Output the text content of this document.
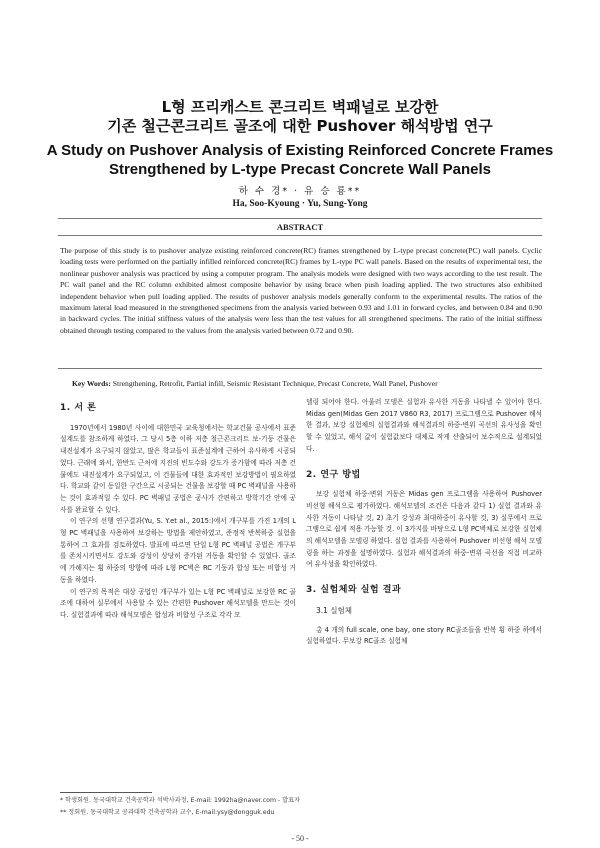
L형 프리캐스트 콘크리트 벽패널로 보강한
기존 철근콘크리트 골조에 대한 Pushover 해석방법 연구
A Study on Pushover Analysis of Existing Reinforced Concrete Frames
Strengthened by L-type Precast Concrete Wall Panels
하 수 경* · 유 승 룡**
Ha, Soo-Kyoung · Yu, Sung-Yong
ABSTRACT

The purpose of this study is to pushover analyze existing reinforced concrete(RC) frames strengthened by L-type precast concrete(PC) wall panels. Cyclic loading tests were performed on the partially infilled reinforced concrete(RC) frames by L-type PC wall panels. Based on the results of experimental test, the nonlinear pushover analysis was practiced by using a computer program. The analysis models were designed with two ways according to the test result. The PC wall panel and the RC column exhibited almost composite behavior by using brace when push loading applied. The two structures also exhibited independent behavior when pull loading applied. The results of pushover analysis models generally conform to the experimental results. The ratios of the maximum lateral load measured in the strengthened specimens from the analysis varied between 0.93 and 1.01 in forward cycles, and between 0.84 and 0.90 in backward cycles. The initial stiffness values of the analysis were less than the test values for all strengthened specimens. The ratio of the initial stiffness obtained through testing compared to the values from the analysis varied between 0.72 and 0.90.

Key Words: Strengthening, Retrofit, Partial infill, Seismic Resistant Technique, Precast Concrete, Wall Panel, Pushover
1. 서 론

1970년에서 1980년 사이에 대한민국 교육청에서는 학교건물 공사에서 표준설계도를 참조하게 하였다. 그 당시 5층 이하 저층 철근콘크리트 보-기둥 건물은 내진설계가 요구되지 않았고, 많은 학교들이 표준설계에 근하여 유사하게 시공되었다. 근래에 와서, 한반도 근처에 지진의 빈도수와 강도가 증가함에 따라 저층 건물에도 내진설계가 요구되었고, 이 건물들에 대한 효과적인 보강방법이 필요하였다. 학교와 같이 동일한 구간으로 시공되는 건물을 보강할 때 PC 벽패널을 사용하는 것이 효과적일 수 있다. PC 벽패널 공법은 공사가 간편하고 방학기간 안에 공사를 완료할 수 있다.

이 연구의 선행 연구결과(Yu, S. Y.et al., 2015:)에서 개구부를 가진 1개의 L형 PC 벽패널을 사용하여 보강하는 방법을 제안하였고, 준정적 반복하중 실험을 통하여 그 효과를 검토하였다. 발표에 따르면 단일 L형 PC 벽패널 공법은 개구부를 존치시키면서도 강도와 강성이 상당히 증가된 거동을 확인할 수 있었다. 골조에 가해지는 횡 하중의 방향에 따라 L형 PC벽은 RC 기둥과 합성 또는 비합성 거동을 하였다.

이 연구의 목적은 대상 공법인 개구부가 있는 L형 PC 벽패널로 보강한 RC 골조에 대하여 실무에서 사용할 수 있는 간편한 Pushover 해석모델을 만드는 것이다. 실험결과에 따라 해석모델은 합성과 비합성 구조로 각각 모

델링 되어야 한다. 아울러 모델은 실험과 유사한 거동을 나타낼 수 있어야 한다. Midas gen(Midas Gen 2017 V860 R3, 2017) 프로그램으로 Pushover 해석한 결과, 보강 실험체의 실험결과와 해석결과의 하중-변위 곡선의 유사성을 확인할 수 있었고, 해석 값이 실험값보다 대체로 작게 산출되어 보수적으로 설계되었다.

2. 연구 방법

보강 실험체 하중-변위 거동은 Midas gen 프로그램을 사용하여 Pushover 비선형 해석으로 평가하였다. 해석모델의 조건은 다음과 같다 1) 실험 결과와 유사한 거동이 나타날 것, 2) 초기 강성과 최대하중이 유사할 것, 3) 실무에서 프로그램으로 쉽게 적용 가능할 것. 이 3가지를 바탕으로 L형 PC벽체로 보강한 실험체의 해석모델을 모델링 하였다. 실험 결과를 사용하여 Pushover 비선형 해석 모델링을 하는 과정을 설명하였다. 실험과 해석결과의 하중-변위 곡선을 직접 비교하여 유사성을 확인하였다.

3. 실험체와 실험 결과
3.1 실험체

총 4 개의 full scale, one bay, one story RC골조들을 반복 횡 하중 하에서 실험하였다. 무보강 RC골조 실험체

* 학생회원․ 동국대학교 건축공학과 석박사과정, E-mail: 1992ha@naver.com - 발표자
** 정회원․ 동국대학교 공과대학 건축공학과 교수, E-mail:ysy@dongguk.edu
- 50 -
